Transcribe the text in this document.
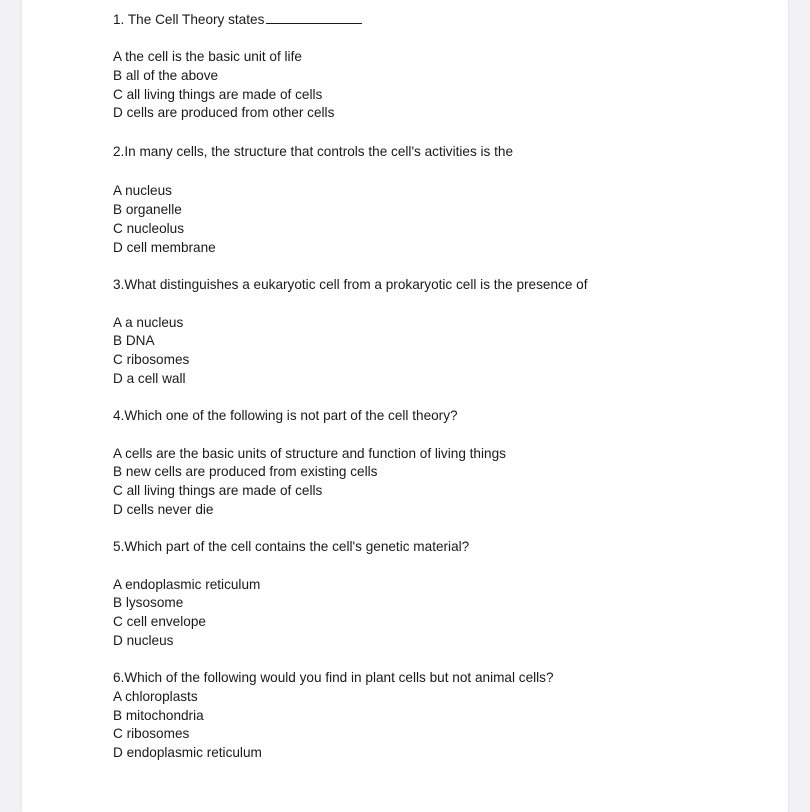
1. The Cell Theory states
A the cell is the basic unit of life
B all of the above
C all living things are made of cells
D cells are produced from other cells
2.In many cells, the structure that controls the cell's activities is the
A nucleus
B organelle
C nucleolus
D cell membrane
3.What distinguishes a eukaryotic cell from a prokaryotic cell is the presence of
A a nucleus
B DNA
C ribosomes
D a cell wall
4.Which one of the following is not part of the cell theory?
A cells are the basic units of structure and function of living things
B new cells are produced from existing cells
C all living things are made of cells
D cells never die
5.Which part of the cell contains the cell's genetic material?
A endoplasmic reticulum
B lysosome
C cell envelope
D nucleus
6.Which of the following would you find in plant cells but not animal cells?
A chloroplasts
B mitochondria
C ribosomes
D endoplasmic reticulum
